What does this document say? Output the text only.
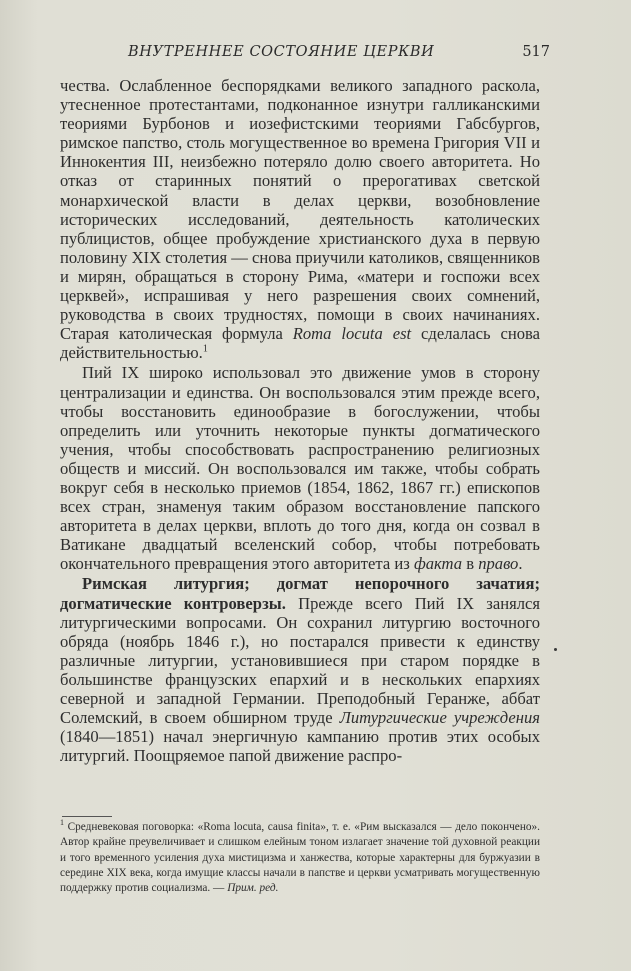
ВНУТРЕННЕЕ СОСТОЯНИЕ ЦЕРКВИ	517

чества. Ослабленное беспорядками великого западного раскола, утесненное протестантами, подконанное изнутри галликанскими теориями Бурбонов и иозефистскими теориями Габсбургов, римское папство, столь могущественное во времена Григория VII и Иннокентия III, неизбежно потеряло долю своего авторитета. Но отказ от старинных понятий о прерогативах светской монархической власти в делах церкви, возобновление исторических исследований, деятельность католических публицистов, общее пробуждение христианского духа в первую половину XIX столетия — снова приучили католиков, священников и мирян, обращаться в сторону Рима, «матери и госпожи всех церквей», испрашивая у него разрешения своих сомнений, руководства в своих трудностях, помощи в своих начинаниях. Старая католическая формула Roma locuta est сделалась снова действительностью.$^1$

Пий IX широко использовал это движение умов в сторону централизации и единства. Он воспользовался этим прежде всего, чтобы восстановить единообразие в богослужении, чтобы определить или уточнить некоторые пункты догматического учения, чтобы способствовать распространению религиозных обществ и миссий. Он воспользовался им также, чтобы собрать вокруг себя в несколько приемов (1854, 1862, 1867 гг.) епископов всех стран, знаменуя таким образом восстановление папского авторитета в делах церкви, вплоть до того дня, когда он созвал в Ватикане двадцатый вселенский собор, чтобы потребовать окончательного превращения этого авторитета из факта в право.

Римская литургия; догмат непорочного зачатия; догматические контроверзы. Прежде всего Пий IX занялся литургическими вопросами. Он сохранил литургию восточного обряда (ноябрь 1846 г.), но постарался привести к единству различные литургии, установившиеся при старом порядке в большинстве французских епархий и в нескольких епархиях северной и западной Германии. Преподобный Геранже, аббат Солемский, в своем обширном труде Литургические учреждения (1840—1851) начал энергичную кампанию против этих особых литургий. Поощряемое папой движение распро-

$^1$ Средневековая поговорка: «Roma locuta, causa finita», т. е. «Рим высказался — дело покончено». Автор крайне преувеличивает и слишком елейным тоном излагает значение той духовной реакции и того временного усиления духа мистицизма и ханжества, которые характерны для буржуазии в середине XIX века, когда имущие классы начали в папстве и церкви усматривать могущественную поддержку против социализма. — Прим. ред.
